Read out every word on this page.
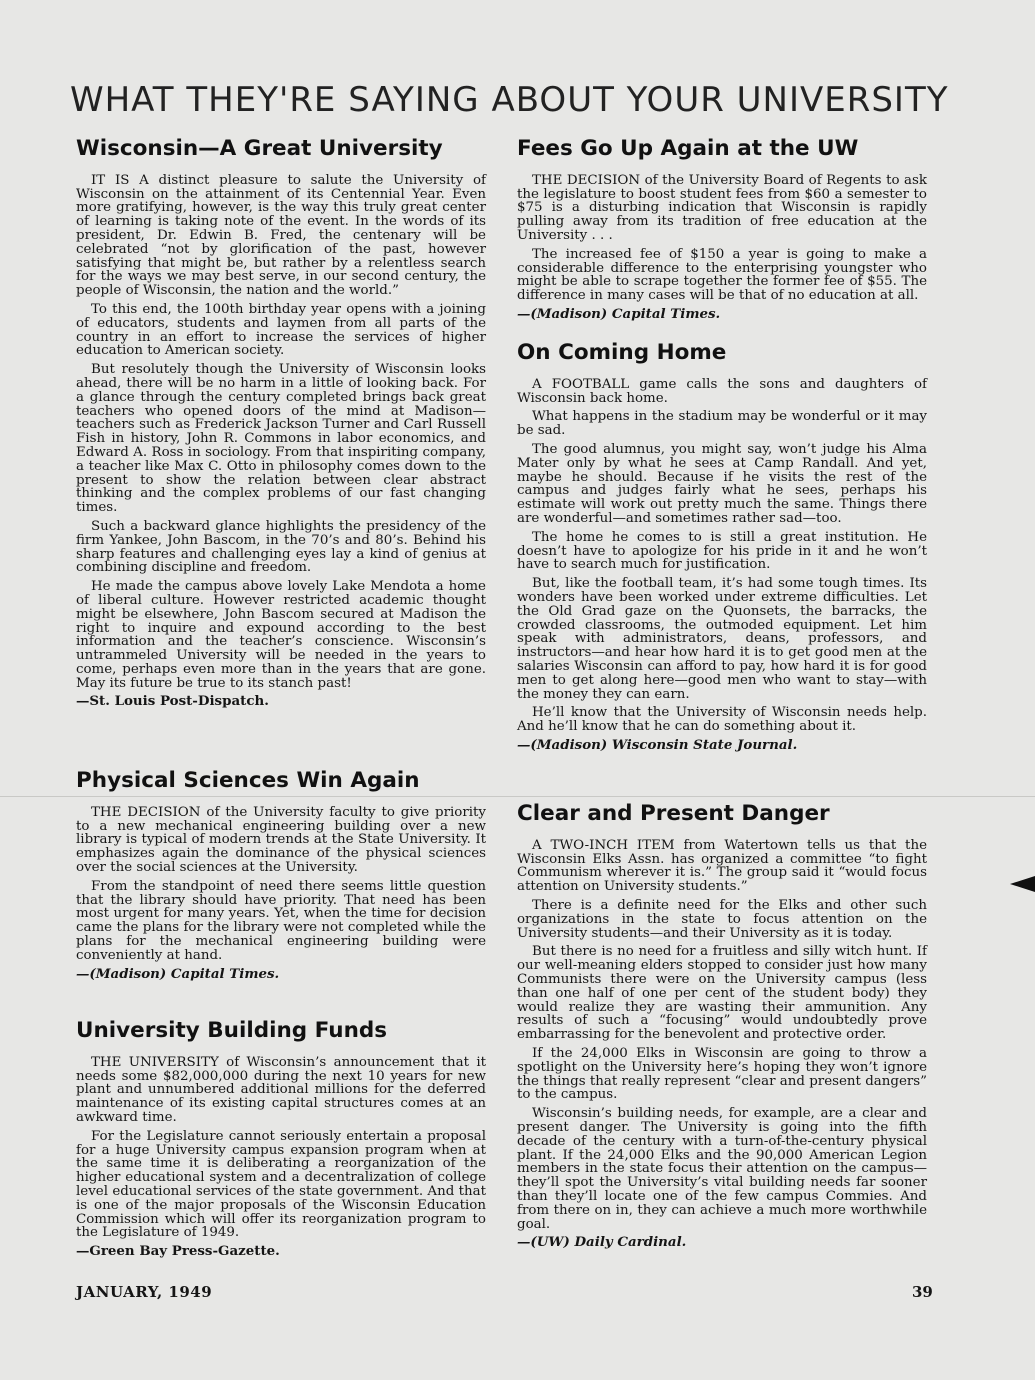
WHAT THEY'RE SAYING ABOUT YOUR UNIVERSITY
Wisconsin—A Great University

IT IS A distinct pleasure to salute the University of Wisconsin on the attainment of its Centennial Year. Even more gratifying, however, is the way this truly great center of learning is taking note of the event. In the words of its president, Dr. Edwin B. Fred, the centenary will be celebrated “not by glorification of the past, however satisfying that might be, but rather by a relentless search for the ways we may best serve, in our second century, the people of Wisconsin, the nation and the world.”

To this end, the 100th birthday year opens with a joining of educators, students and laymen from all parts of the country in an effort to increase the services of higher education to American society.

But resolutely though the University of Wisconsin looks ahead, there will be no harm in a little of looking back. For a glance through the century completed brings back great teachers who opened doors of the mind at Madison—teachers such as Frederick Jackson Turner and Carl Russell Fish in history, John R. Commons in labor economics, and Edward A. Ross in sociology. From that inspiriting company, a teacher like Max C. Otto in philosophy comes down to the present to show the relation between clear abstract thinking and the complex problems of our fast changing times.

Such a backward glance highlights the presidency of the firm Yankee, John Bascom, in the 70’s and 80’s. Behind his sharp features and challenging eyes lay a kind of genius at combining discipline and freedom.

He made the campus above lovely Lake Mendota a home of liberal culture. However restricted academic thought might be elsewhere, John Bascom secured at Madison the right to inquire and expound according to the best information and the teacher’s conscience. Wisconsin’s untrammeled University will be needed in the years to come, perhaps even more than in the years that are gone. May its future be true to its stanch past!

—St. Louis Post-Dispatch.

Physical Sciences Win Again

THE DECISION of the University faculty to give priority to a new mechanical engineering building over a new library is typical of modern trends at the State University. It emphasizes again the dominance of the physical sciences over the social sciences at the University.

From the standpoint of need there seems little question that the library should have priority. That need has been most urgent for many years. Yet, when the time for decision came the plans for the library were not completed while the plans for the mechanical engineering building were conveniently at hand.

—(Madison) Capital Times.

University Building Funds

THE UNIVERSITY of Wisconsin’s announcement that it needs some $82,000,000 during the next 10 years for new plant and unnumbered additional millions for the deferred maintenance of its existing capital structures comes at an awkward time.

For the Legislature cannot seriously entertain a proposal for a huge University campus expansion program when at the same time it is deliberating a reorganization of the higher educational system and a decentralization of college level educational services of the state government. And that is one of the major proposals of the Wisconsin Education Commission which will offer its reorganization program to the Legislature of 1949.

—Green Bay Press-Gazette.

Fees Go Up Again at the UW

THE DECISION of the University Board of Regents to ask the legislature to boost student fees from $60 a semester to $75 is a disturbing indication that Wisconsin is rapidly pulling away from its tradition of free education at the University . . .

The increased fee of $150 a year is going to make a considerable difference to the enterprising youngster who might be able to scrape together the former fee of $55. The difference in many cases will be that of no education at all.

—(Madison) Capital Times.

On Coming Home

A FOOTBALL game calls the sons and daughters of Wisconsin back home.

What happens in the stadium may be wonderful or it may be sad.

The good alumnus, you might say, won’t judge his Alma Mater only by what he sees at Camp Randall. And yet, maybe he should. Because if he visits the rest of the campus and judges fairly what he sees, perhaps his estimate will work out pretty much the same. Things there are wonderful—and sometimes rather sad—too.

The home he comes to is still a great institution. He doesn’t have to apologize for his pride in it and he won’t have to search much for justification.

But, like the football team, it’s had some tough times. Its wonders have been worked under extreme difficulties. Let the Old Grad gaze on the Quonsets, the barracks, the crowded classrooms, the outmoded equipment. Let him speak with administrators, deans, professors, and instructors—and hear how hard it is to get good men at the salaries Wisconsin can afford to pay, how hard it is for good men to get along here—good men who want to stay—with the money they can earn.

He’ll know that the University of Wisconsin needs help. And he’ll know that he can do something about it.

—(Madison) Wisconsin State Journal.

Clear and Present Danger

A TWO-INCH ITEM from Watertown tells us that the Wisconsin Elks Assn. has organized a committee “to fight Communism wherever it is.” The group said it “would focus attention on University students.”

There is a definite need for the Elks and other such organizations in the state to focus attention on the University students—and their University as it is today.

But there is no need for a fruitless and silly witch hunt. If our well-meaning elders stopped to consider just how many Communists there were on the University campus (less than one half of one per cent of the student body) they would realize they are wasting their ammunition. Any results of such a “focusing” would undoubtedly prove embarrassing for the benevolent and protective order.

If the 24,000 Elks in Wisconsin are going to throw a spotlight on the University here’s hoping they won’t ignore the things that really represent “clear and present dangers” to the campus.

Wisconsin’s building needs, for example, are a clear and present danger. The University is going into the fifth decade of the century with a turn-of-the-century physical plant. If the 24,000 Elks and the 90,000 American Legion members in the state focus their attention on the campus—they’ll spot the University’s vital building needs far sooner than they’ll locate one of the few campus Commies. And from there on in, they can achieve a much more worthwhile goal.

—(UW) Daily Cardinal.

JANUARY, 1949	39
